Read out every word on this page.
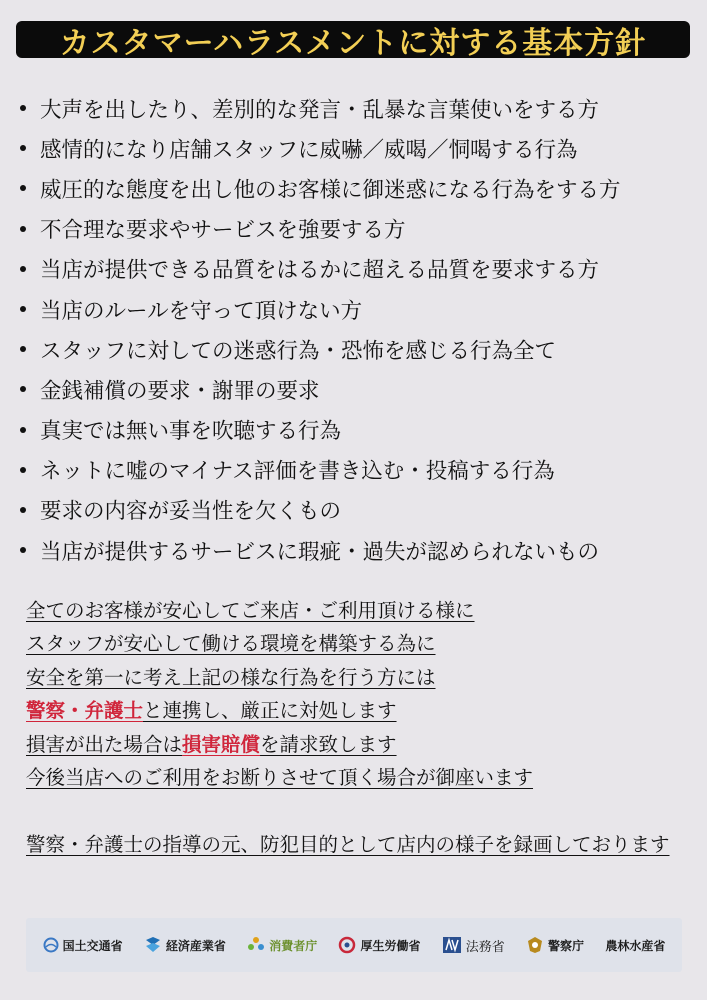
カスタマーハラスメントに対する基本方針
大声を出したり、差別的な発言・乱暴な言葉使いをする方
感情的になり店舗スタッフに威嚇／威喝／恫喝する行為
威圧的な態度を出し他のお客様に御迷惑になる行為をする方
不合理な要求やサービスを強要する方
当店が提供できる品質をはるかに超える品質を要求する方
当店のルールを守って頂けない方
スタッフに対しての迷惑行為・恐怖を感じる行為全て
金銭補償の要求・謝罪の要求
真実では無い事を吹聴する行為
ネットに嘘のマイナス評価を書き込む・投稿する行為
要求の内容が妥当性を欠くもの
当店が提供するサービスに瑕疵・過失が認められないもの
全てのお客様が安心してご来店・ご利用頂ける様に
スタッフが安心して働ける環境を構築する為に
安全を第一に考え上記の様な行為を行う方には
警察・弁護士 と連携し、厳正に対処します
損害が出た場合は 損害賠償 を請求致します
今後当店へのご利用をお断りさせて頂く場合が御座います
警察・弁護士の指導の元、防犯目的として店内の様子を録画しております
国土交通省	経済産業省	消費者庁	厚生労働省	法務省	警察庁 農林水産省
